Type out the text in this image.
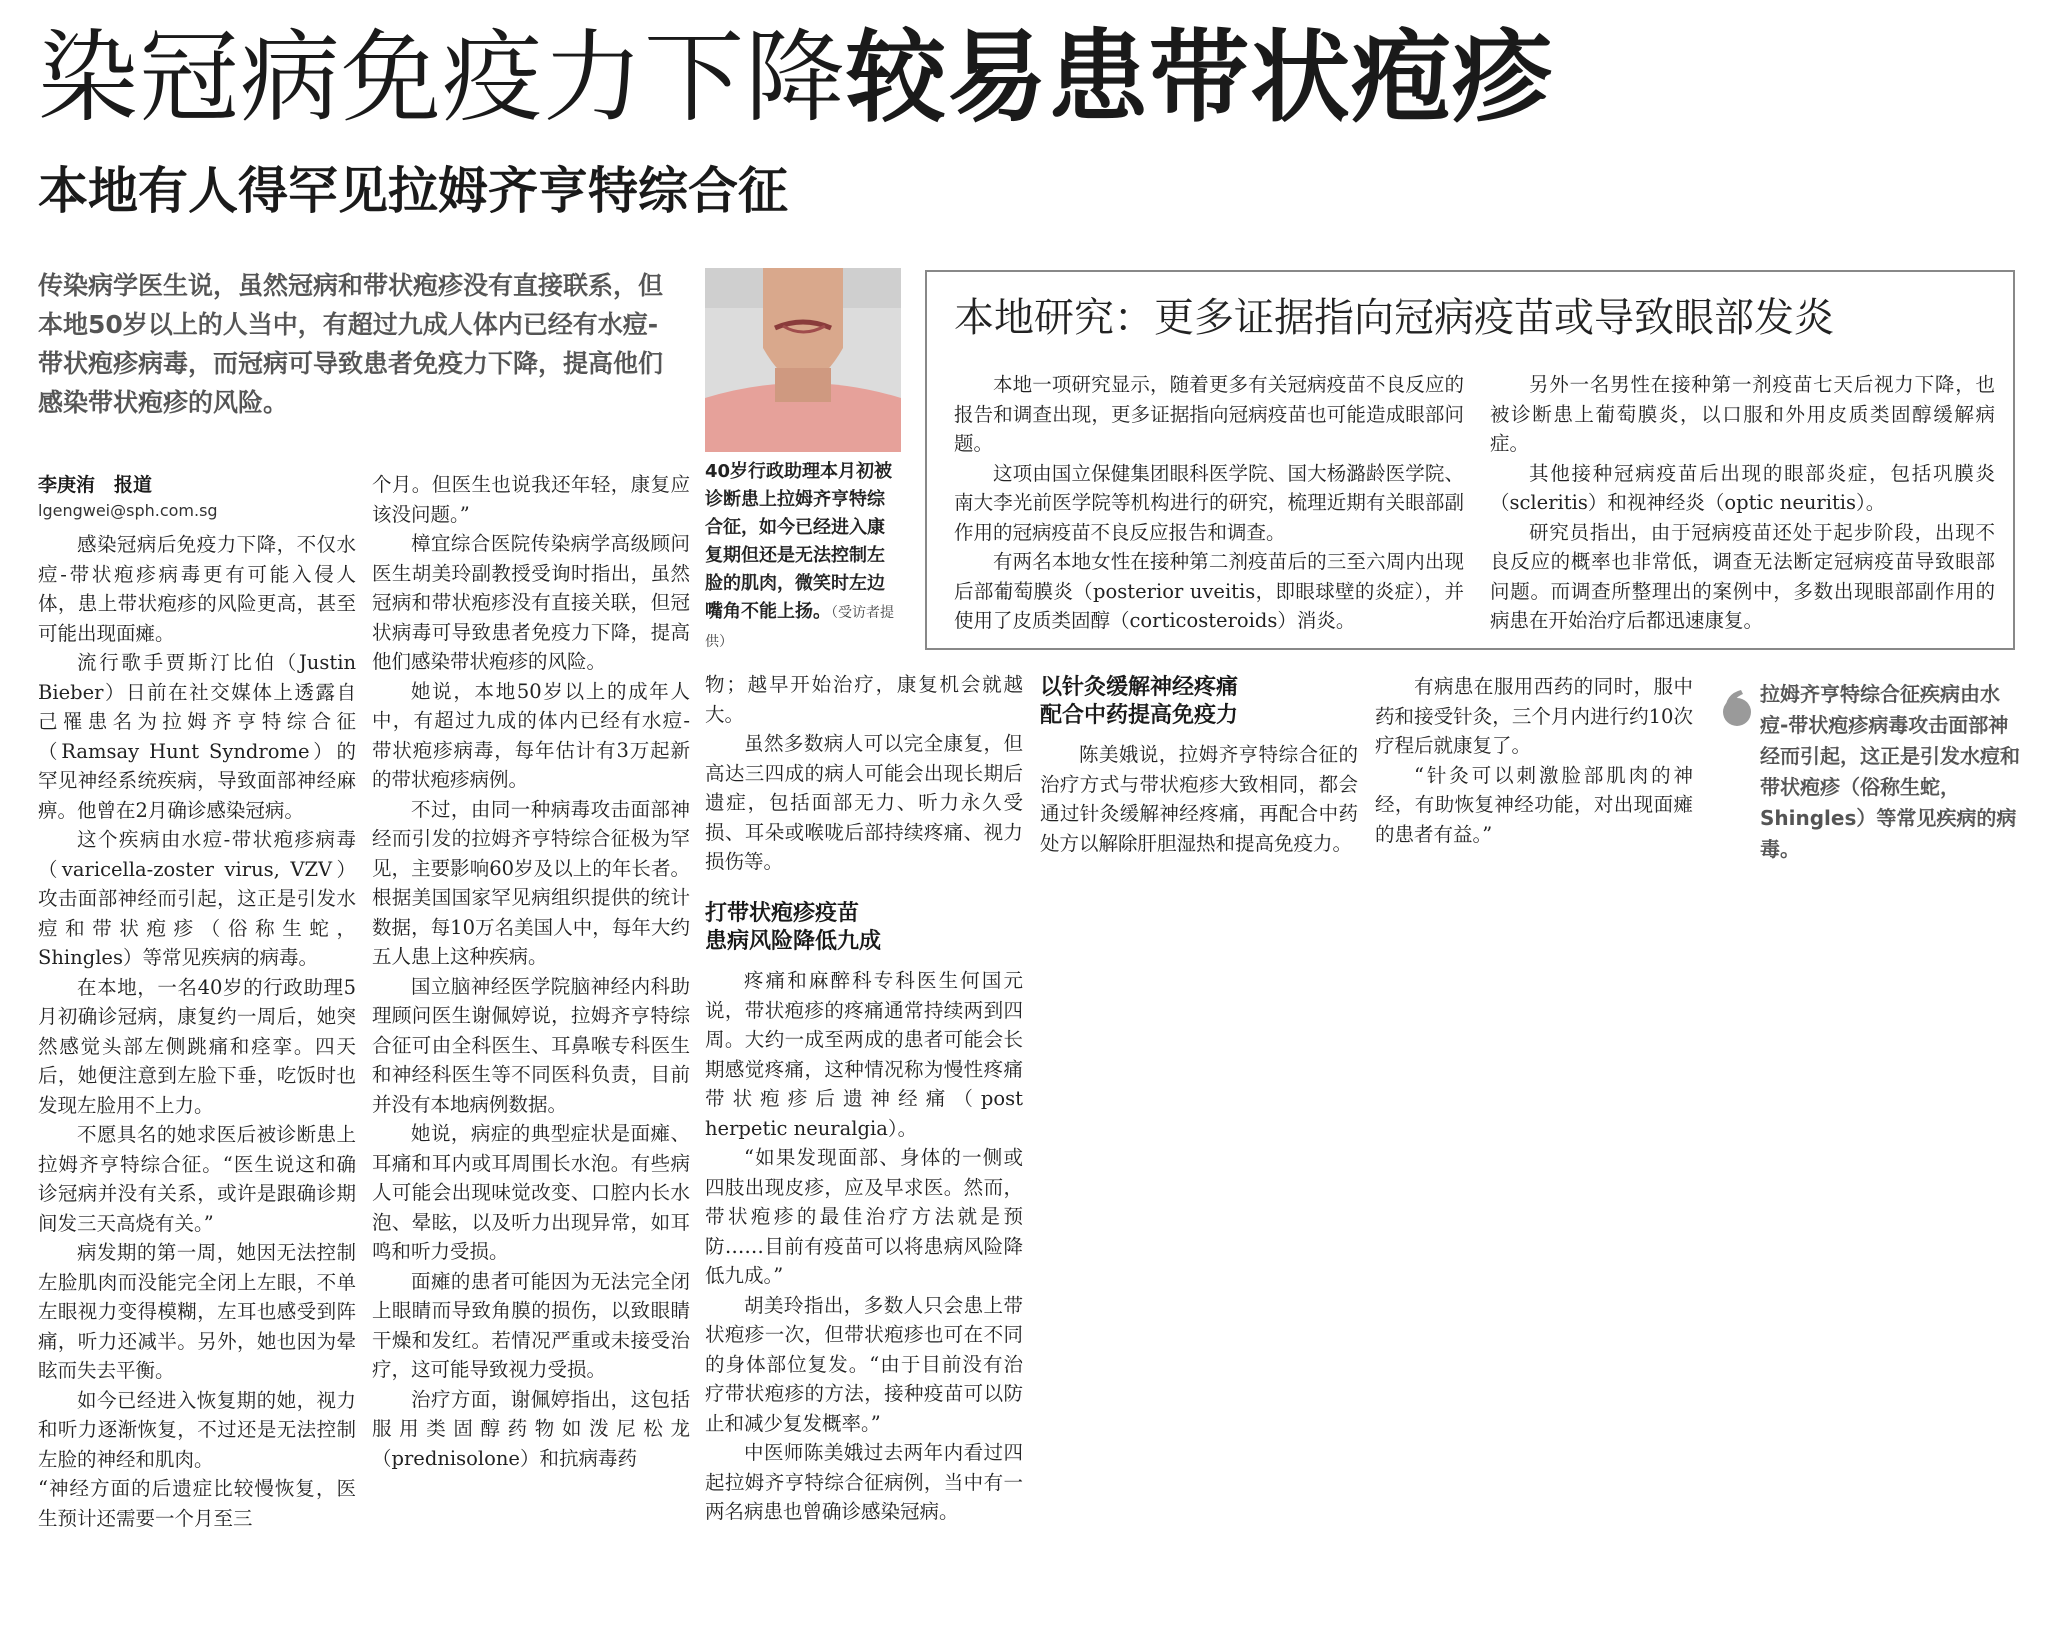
染冠病免疫力下降较易患带状疱疹
本地有人得罕见拉姆齐亨特综合征
传染病学医生说，虽然冠病和带状疱疹没有直接联系，但本地50岁以上的人当中，有超过九成人体内已经有水痘-带状疱疹病毒，而冠病可导致患者免疫力下降，提高他们感染带状疱疹的风险。
李庚洧　报道
lgengwei@sph.com.sg

感染冠病后免疫力下降，不仅水痘-带状疱疹病毒更有可能入侵人体，患上带状疱疹的风险更高，甚至可能出现面瘫。

流行歌手贾斯汀比伯（Justin Bieber）日前在社交媒体上透露自己罹患名为拉姆齐亨特综合征（Ramsay Hunt Syndrome）的罕见神经系统疾病，导致面部神经麻痹。他曾在2月确诊感染冠病。

这个疾病由水痘-带状疱疹病毒（varicella-zoster virus, VZV）攻击面部神经而引起，这正是引发水痘和带状疱疹（俗称生蛇，Shingles）等常见疾病的病毒。

在本地，一名40岁的行政助理5月初确诊冠病，康复约一周后，她突然感觉头部左侧跳痛和痉挛。四天后，她便注意到左脸下垂，吃饭时也发现左脸用不上力。

不愿具名的她求医后被诊断患上拉姆齐亨特综合征。“医生说这和确诊冠病并没有关系，或许是跟确诊期间发三天高烧有关。”

病发期的第一周，她因无法控制左脸肌肉而没能完全闭上左眼，不单左眼视力变得模糊，左耳也感受到阵痛，听力还减半。另外，她也因为晕眩而失去平衡。

如今已经进入恢复期的她，视力和听力逐渐恢复，不过还是无法控制左脸的神经和肌肉。

“神经方面的后遗症比较慢恢复，医生预计还需要一个月至三

个月。但医生也说我还年轻，康复应该没问题。”

樟宜综合医院传染病学高级顾问医生胡美玲副教授受询时指出，虽然冠病和带状疱疹没有直接关联，但冠状病毒可导致患者免疫力下降，提高他们感染带状疱疹的风险。

她说，本地50岁以上的成年人中，有超过九成的体内已经有水痘-带状疱疹病毒，每年估计有3万起新的带状疱疹病例。

不过，由同一种病毒攻击面部神经而引发的拉姆齐亨特综合征极为罕见，主要影响60岁及以上的年长者。根据美国国家罕见病组织提供的统计数据，每10万名美国人中，每年大约五人患上这种疾病。

国立脑神经医学院脑神经内科助理顾问医生谢佩婷说，拉姆齐亨特综合征可由全科医生、耳鼻喉专科医生和神经科医生等不同医科负责，目前并没有本地病例数据。

她说，病症的典型症状是面瘫、耳痛和耳内或耳周围长水泡。有些病人可能会出现味觉改变、口腔内长水泡、晕眩，以及听力出现异常，如耳鸣和听力受损。

面瘫的患者可能因为无法完全闭上眼睛而导致角膜的损伤，以致眼睛干燥和发红。若情况严重或未接受治疗，这可能导致视力受损。

治疗方面，谢佩婷指出，这包括服用类固醇药物如泼尼松龙（prednisolone）和抗病毒药

40岁行政助理本月初被诊断患上拉姆齐亨特综合征，如今已经进入康复期但还是无法控制左脸的肌肉，微笑时左边嘴角不能上扬。（受访者提供）

物；越早开始治疗，康复机会就越大。

虽然多数病人可以完全康复，但高达三四成的病人可能会出现长期后遗症，包括面部无力、听力永久受损、耳朵或喉咙后部持续疼痛、视力损伤等。

打带状疱疹疫苗
患病风险降低九成

疼痛和麻醉科专科医生何国元说，带状疱疹的疼痛通常持续两到四周。大约一成至两成的患者可能会长期感觉疼痛，这种情况称为慢性疼痛带状疱疹后遗神经痛（post herpetic neuralgia）。

“如果发现面部、身体的一侧或四肢出现皮疹，应及早求医。然而，带状疱疹的最佳治疗方法就是预防……目前有疫苗可以将患病风险降低九成。”

胡美玲指出，多数人只会患上带状疱疹一次，但带状疱疹也可在不同的身体部位复发。“由于目前没有治疗带状疱疹的方法，接种疫苗可以防止和减少复发概率。”

中医师陈美娥过去两年内看过四起拉姆齐亨特综合征病例，当中有一两名病患也曾确诊感染冠病。

本地研究：更多证据指向冠病疫苗或导致眼部发炎

本地一项研究显示，随着更多有关冠病疫苗不良反应的报告和调查出现，更多证据指向冠病疫苗也可能造成眼部问题。

这项由国立保健集团眼科医学院、国大杨潞龄医学院、南大李光前医学院等机构进行的研究，梳理近期有关眼部副作用的冠病疫苗不良反应报告和调查。

有两名本地女性在接种第二剂疫苗后的三至六周内出现后部葡萄膜炎（posterior uveitis，即眼球壁的炎症），并使用了皮质类固醇（corticosteroids）消炎。

另外一名男性在接种第一剂疫苗七天后视力下降，也被诊断患上葡萄膜炎，以口服和外用皮质类固醇缓解病症。

其他接种冠病疫苗后出现的眼部炎症，包括巩膜炎（scleritis）和视神经炎（optic neuritis）。

研究员指出，由于冠病疫苗还处于起步阶段，出现不良反应的概率也非常低，调查无法断定冠病疫苗导致眼部问题。而调查所整理出的案例中，多数出现眼部副作用的病患在开始治疗后都迅速康复。

以针灸缓解神经疼痛
配合中药提高免疫力

陈美娥说，拉姆齐亨特综合征的治疗方式与带状疱疹大致相同，都会通过针灸缓解神经疼痛，再配合中药处方以解除肝胆湿热和提高免疫力。

有病患在服用西药的同时，服中药和接受针灸，三个月内进行约10次疗程后就康复了。

“针灸可以刺激脸部肌肉的神经，有助恢复神经功能，对出现面瘫的患者有益。”

拉姆齐亨特综合征疾病由水痘-带状疱疹病毒攻击面部神经而引起，这正是引发水痘和带状疱疹（俗称生蛇，Shingles）等常见疾病的病毒。
